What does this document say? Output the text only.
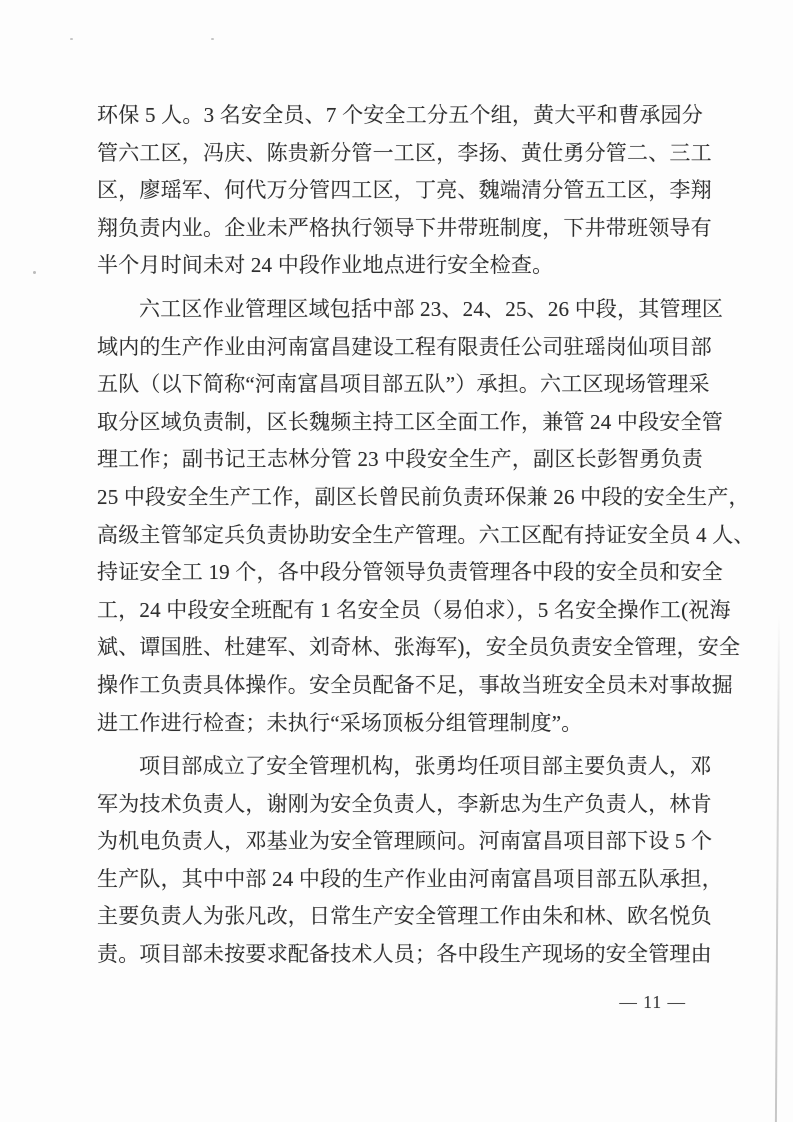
环保 5 人。3 名安全员、7 个安全工分五个组，黄大平和曹承园分
管六工区，冯庆、陈贵新分管一工区，李扬、黄仕勇分管二、三工
区，廖瑶军、何代万分管四工区，丁亮、魏端清分管五工区，李翔
翔负责内业。企业未严格执行领导下井带班制度，下井带班领导有
半个月时间未对 24 中段作业地点进行安全检查。
六工区作业管理区域包括中部 23、24、25、26 中段，其管理区
域内的生产作业由河南富昌建设工程有限责任公司驻瑶岗仙项目部
五队（以下简称“河南富昌项目部五队”）承担。六工区现场管理采
取分区域负责制，区长魏频主持工区全面工作，兼管 24 中段安全管
理工作；副书记王志林分管 23 中段安全生产，副区长彭智勇负责
25 中段安全生产工作，副区长曾民前负责环保兼 26 中段的安全生产，
高级主管邹定兵负责协助安全生产管理。六工区配有持证安全员 4 人、
持证安全工 19 个，各中段分管领导负责管理各中段的安全员和安全
工，24 中段安全班配有 1 名安全员（易伯求），5 名安全操作工(祝海
斌、谭国胜、杜建军、刘奇林、张海军)，安全员负责安全管理，安全
操作工负责具体操作。安全员配备不足，事故当班安全员未对事故掘
进工作进行检查；未执行“采场顶板分组管理制度”。
项目部成立了安全管理机构，张勇均任项目部主要负责人，邓
军为技术负责人，谢刚为安全负责人，李新忠为生产负责人，林肯
为机电负责人，邓基业为安全管理顾问。河南富昌项目部下设 5 个
生产队，其中中部 24 中段的生产作业由河南富昌项目部五队承担，
主要负责人为张凡改，日常生产安全管理工作由朱和林、欧名悦负
责。项目部未按要求配备技术人员；各中段生产现场的安全管理由
— 11 —
